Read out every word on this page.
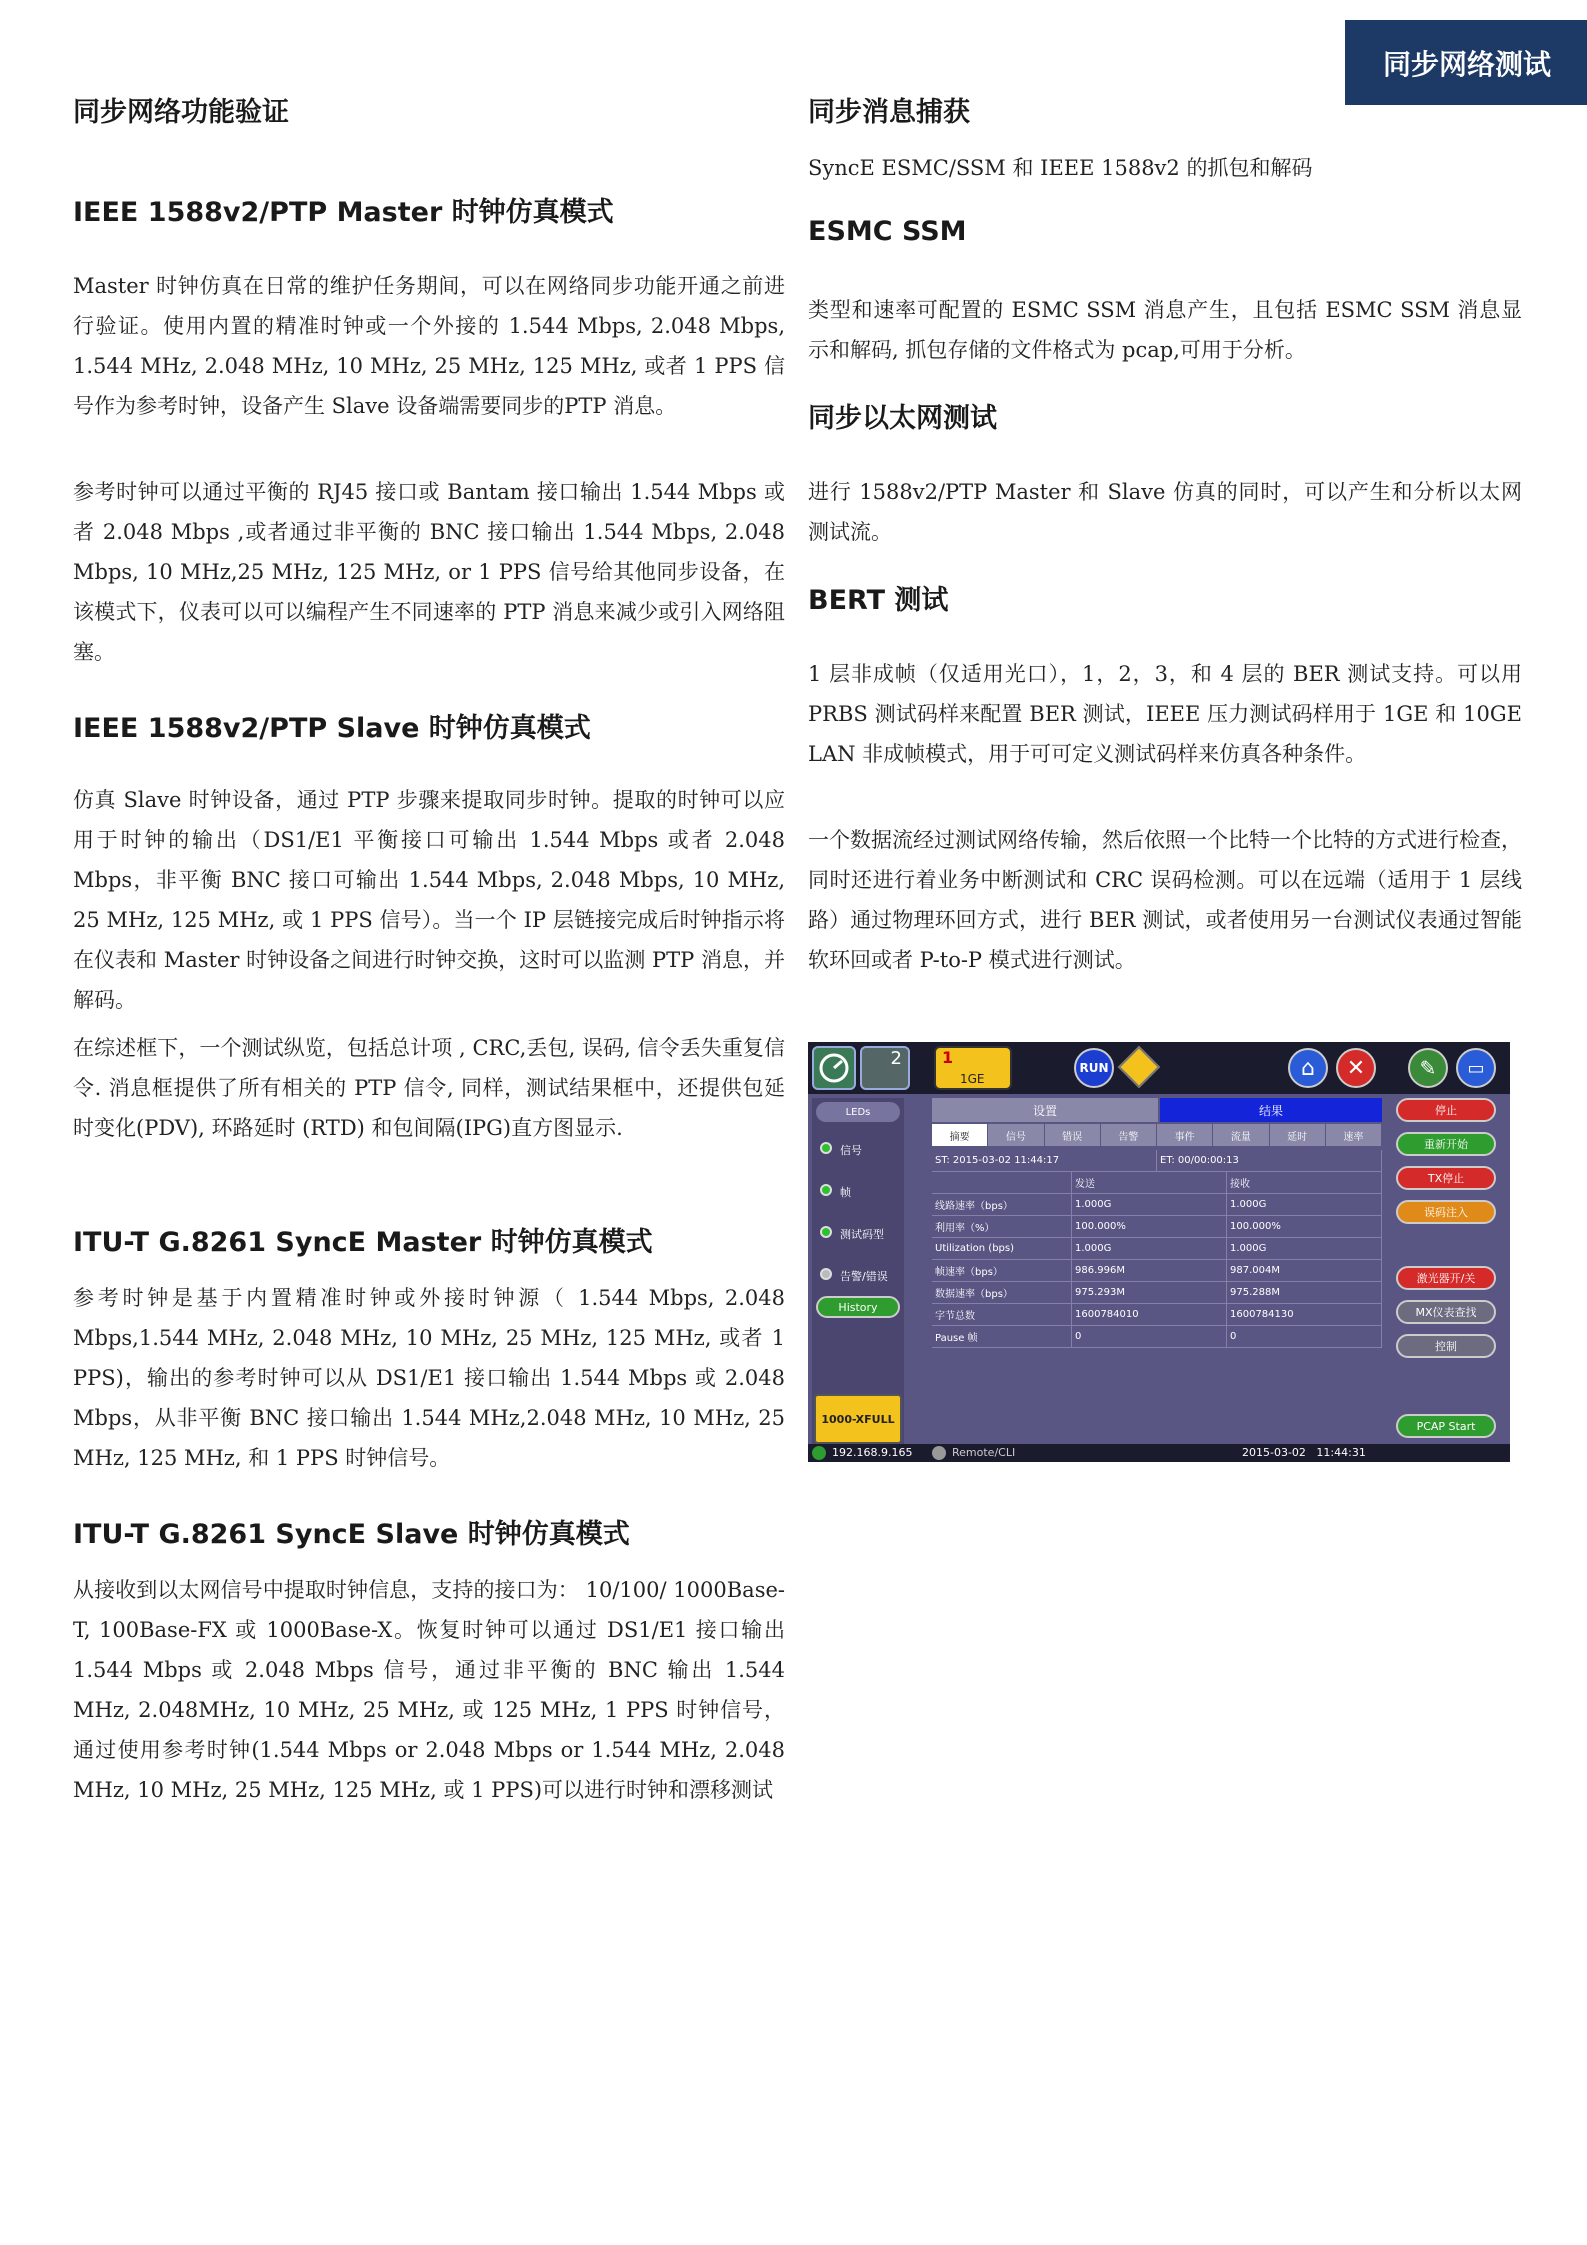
同步网络测试
同步网络功能验证
IEEE 1588v2/PTP Master 时钟仿真模式
Master 时钟仿真在日常的维护任务期间，可以在网络同步功能开通之前进行验证。使用内置的精准时钟或一个外接的 1.544 Mbps, 2.048 Mbps, 1.544 MHz, 2.048 MHz, 10 MHz, 25 MHz, 125 MHz, 或者 1 PPS 信号作为参考时钟，设备产生 Slave 设备端需要同步的PTP 消息。
参考时钟可以通过平衡的 RJ45 接口或 Bantam 接口输出 1.544 Mbps 或者 2.048 Mbps ,或者通过非平衡的 BNC 接口输出 1.544 Mbps, 2.048 Mbps, 10 MHz,25 MHz, 125 MHz, or 1 PPS 信号给其他同步设备，在该模式下，仪表可以可以编程产生不同速率的 PTP 消息来减少或引入网络阻塞。
IEEE 1588v2/PTP Slave 时钟仿真模式
仿真 Slave 时钟设备，通过 PTP 步骤来提取同步时钟。提取的时钟可以应用于时钟的输出（DS1/E1 平衡接口可输出 1.544 Mbps 或者 2.048 Mbps，非平衡 BNC 接口可输出 1.544 Mbps, 2.048 Mbps, 10 MHz, 25 MHz, 125 MHz, 或 1 PPS 信号）。当一个 IP 层链接完成后时钟指示将在仪表和 Master 时钟设备之间进行时钟交换，这时可以监测 PTP 消息，并解码。
在综述框下，一个测试纵览，包括总计项 , CRC,丢包, 误码, 信令丢失重复信令. 消息框提供了所有相关的 PTP 信令, 同样，测试结果框中，还提供包延时变化(PDV), 环路延时 (RTD) 和包间隔(IPG)直方图显示.
ITU-T G.8261 SyncE Master 时钟仿真模式
参考时钟是基于内置精准时钟或外接时钟源（ 1.544 Mbps, 2.048 Mbps,1.544 MHz, 2.048 MHz, 10 MHz, 25 MHz, 125 MHz, 或者 1 PPS)，输出的参考时钟可以从 DS1/E1 接口输出 1.544 Mbps 或 2.048 Mbps，从非平衡 BNC 接口输出 1.544 MHz,2.048 MHz, 10 MHz, 25 MHz, 125 MHz, 和 1 PPS 时钟信号。
ITU-T G.8261 SyncE Slave 时钟仿真模式
从接收到以太网信号中提取时钟信息，支持的接口为： 10/100/ 1000Base-T, 100Base-FX 或 1000Base-X。恢复时钟可以通过 DS1/E1 接口输出 1.544 Mbps 或 2.048 Mbps 信号，通过非平衡的 BNC 输出 1.544 MHz, 2.048MHz, 10 MHz, 25 MHz, 或 125 MHz, 1 PPS 时钟信号，通过使用参考时钟(1.544 Mbps or 2.048 Mbps or 1.544 MHz, 2.048 MHz, 10 MHz, 25 MHz, 125 MHz, 或 1 PPS)可以进行时钟和漂移测试
同步消息捕获
SyncE ESMC/SSM 和 IEEE 1588v2 的抓包和解码
ESMC SSM
类型和速率可配置的 ESMC SSM 消息产生，且包括 ESMC SSM 消息显示和解码, 抓包存储的文件格式为 pcap,可用于分析。
同步以太网测试
进行 1588v2/PTP Master 和 Slave 仿真的同时，可以产生和分析以太网测试流。
BERT 测试
1 层非成帧（仅适用光口），1，2，3，和 4 层的 BER 测试支持。可以用 PRBS 测试码样来配置 BER 测试，IEEE 压力测试码样用于 1GE 和 10GE LAN 非成帧模式，用于可可定义测试码样来仿真各种条件。
一个数据流经过测试网络传输，然后依照一个比特一个比特的方式进行检查，同时还进行着业务中断测试和 CRC 误码检测。可以在远端（适用于 1 层线路）通过物理环回方式，进行 BER 测试，或者使用另一台测试仪表通过智能软环回或者 P-to-P 模式进行测试。
2	1
1GE
RUN	⌂	✕	✎	▭
LEDs
信号
帧
测试码型
告警/错误
History
1000-XFULL
设置	结果
摘要	信号	错误	告警	事件	流量	延时	速率
ST: 2015-03-02 11:44:17	ET: 00/00:00:13
发送	接收
线路速率（bps）	1.000G	1.000G
利用率（%）	100.000%	100.000%
Utilization (bps)	1.000G	1.000G
帧速率（bps）	986.996M	987.004M
数据速率（bps）	975.293M	975.288M
字节总数	1600784010	1600784130
Pause 帧	0	0
停止
重新开始
TX停止
误码注入
激光器开/关
MX仪表查找
控制
PCAP Start
192.168.9.165	Remote/CLI	2015-03-02   11:44:31
